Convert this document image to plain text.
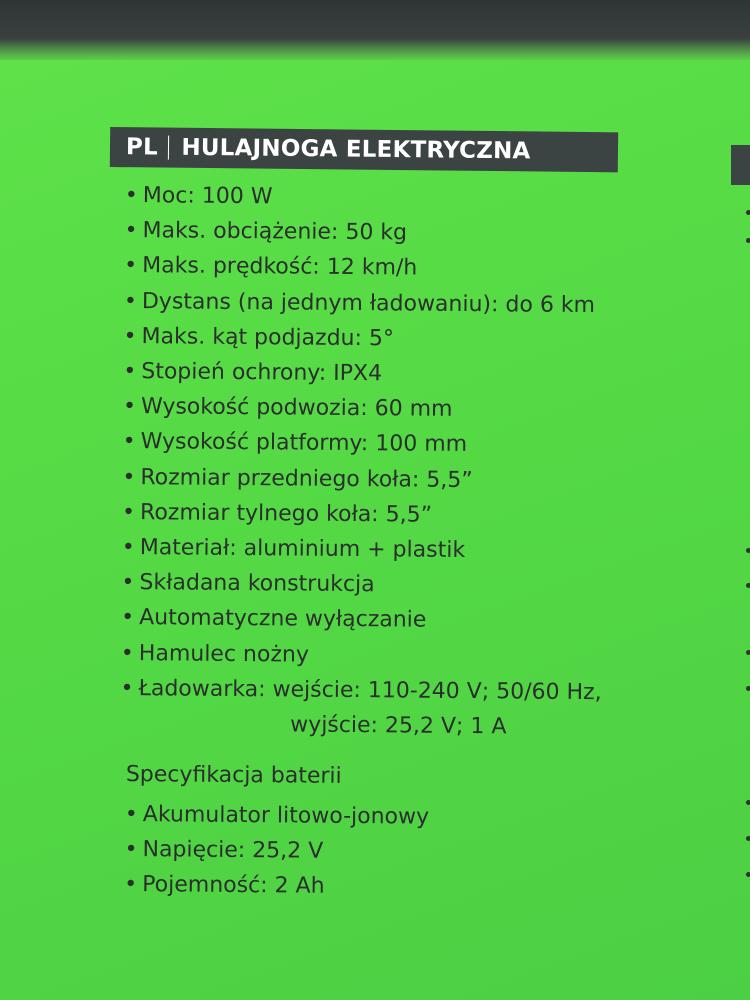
PL	HULAJNOGA ELEKTRYCZNA
• Moc: 100 W
• Maks. obciążenie: 50 kg
• Maks. prędkość: 12 km/h
• Dystans (na jednym ładowaniu): do 6 km
• Maks. kąt podjazdu: 5°
• Stopień ochrony: IPX4
• Wysokość podwozia: 60 mm
• Wysokość platformy: 100 mm
• Rozmiar przedniego koła: 5,5”
• Rozmiar tylnego koła: 5,5”
• Materiał: aluminium + plastik
• Składana konstrukcja
• Automatyczne wyłączanie
• Hamulec nożny
• Ładowarka: wejście: 110-240 V; 50/60 Hz,
wyjście: 25,2 V; 1 A
Specyfikacja baterii
• Akumulator litowo-jonowy
• Napięcie: 25,2 V
• Pojemność: 2 Ah
